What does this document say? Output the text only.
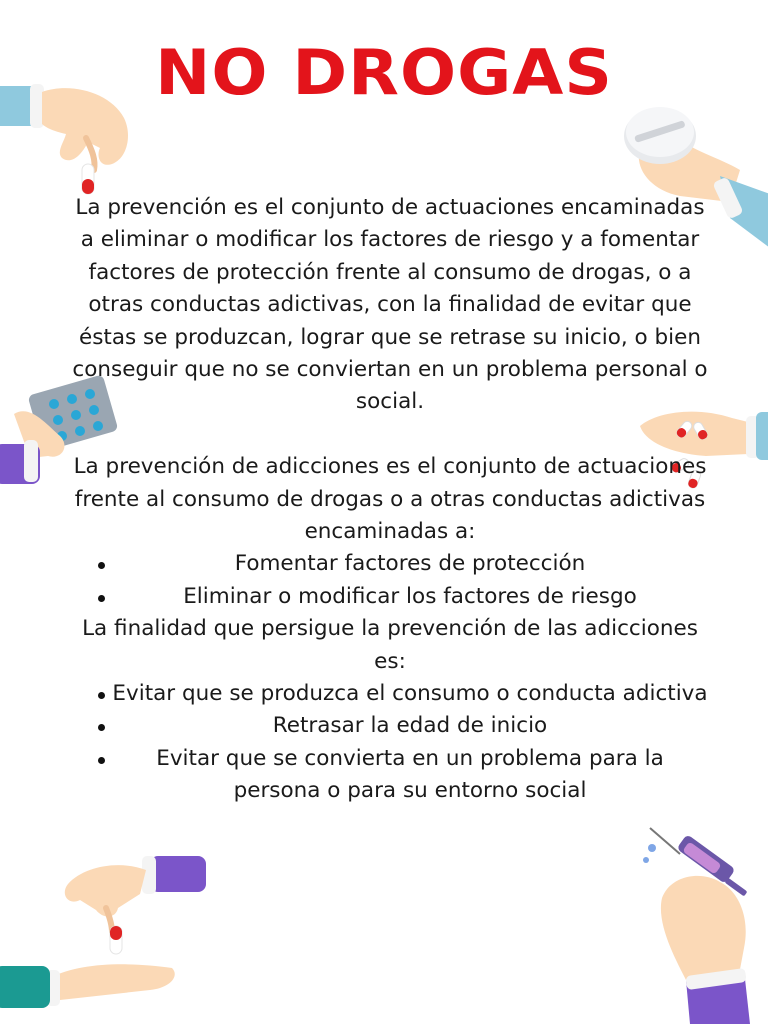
NO DROGAS

La prevención es el conjunto de actuaciones encaminadas a eliminar o modificar los factores de riesgo y a fomentar factores de protección frente al consumo de drogas, o a otras conductas adictivas, con la finalidad de evitar que éstas se produzcan, lograr que se retrase su inicio, o bien conseguir que no se conviertan en un problema personal o social.

La prevención de adicciones es el conjunto de actuaciones frente al consumo de drogas o a otras conductas adictivas encaminadas a:

Fomentar factores de protección
Eliminar o modificar los factores de riesgo

La finalidad que persigue la prevención de las adicciones es:

Evitar que se produzca el consumo o conducta adictiva
Retrasar la edad de inicio
Evitar que se convierta en un problema para la persona o para su entorno social
